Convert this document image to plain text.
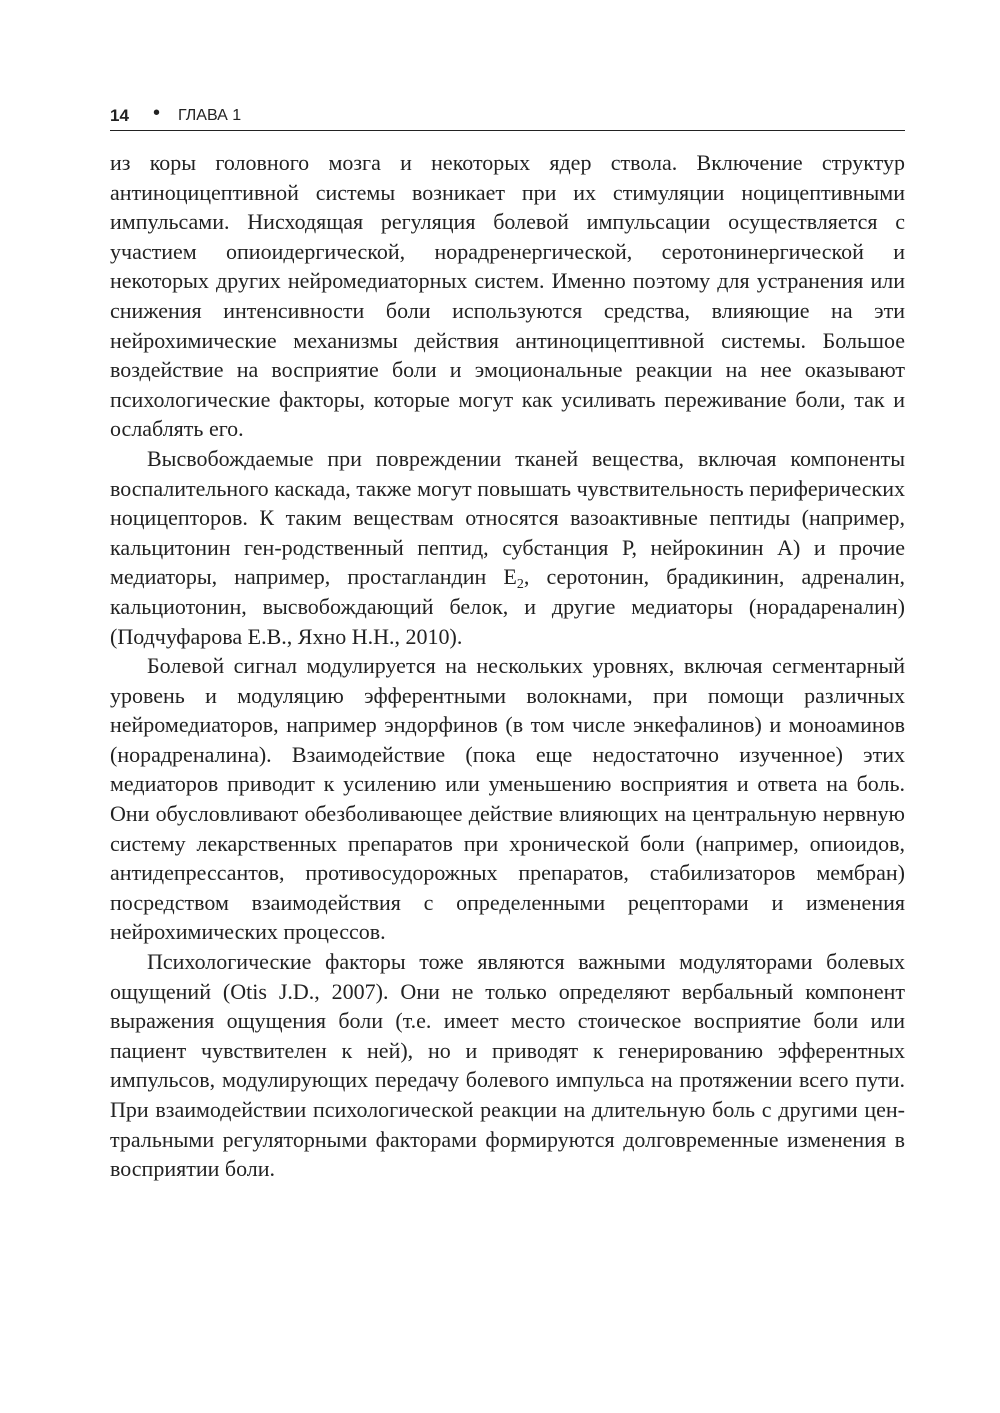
14 • ГЛАВА 1

из коры головного мозга и некоторых ядер ствола. Включение структур антиноцицептивной системы возникает при их стимуляции ноцицептивными импульсами. Нисходящая регуляция болевой импульсации осуществляется с участием опиоидергической, норадренергической, серотонинергической и некоторых других нейромедиаторных систем. Именно поэтому для устранения или снижения интенсивности боли используются средства, влияющие на эти нейрохимические механизмы действия антиноцицептивной системы. Большое воздействие на восприятие боли и эмоциональные реакции на нее оказывают психологические факторы, которые могут как усиливать переживание боли, так и ослаблять его.

Высвобождаемые при повреждении тканей вещества, включая компоненты воспалительного каскада, также могут повышать чувствительность периферических ноцицепторов. К таким веществам относятся вазоактивные пептиды (например, кальцитонин ген-родственный пептид, субстанция Р, нейрокинин А) и прочие медиаторы, например, простагландин $Е_2$, серотонин, брадикинин, адреналин, кальциотонин, высвобождающий белок, и другие медиаторы (норадареналин) (Подчуфарова Е.В., Яхно Н.Н., 2010).

Болевой сигнал модулируется на нескольких уровнях, включая сегментарный уровень и модуляцию эфферентными волокнами, при помощи различных нейромедиаторов, например эндорфинов (в том числе энкефалинов) и моноаминов (норадреналина). Взаимодействие (пока еще недостаточно изученное) этих медиаторов приводит к усилению или уменьшению восприятия и ответа на боль. Они обусловливают обезболивающее действие влияющих на центральную нервную систему лекарственных препаратов при хронической боли (например, опиоидов, антидепрессантов, противосудорожных препаратов, стабилизаторов мембран) посредством взаимодействия с определенными рецепторами и изменения нейрохимических процессов.

Психологические факторы тоже являются важными модуляторами болевых ощущений (Otis J.D., 2007). Они не только определяют вербальный компонент выражения ощущения боли (т.е. имеет место стоическое восприятие боли или пациент чувствителен к ней), но и приводят к генерированию эфферентных импульсов, модулирующих передачу болевого импульса на протяжении всего пути. При взаимодействии психологической реакции на длительную боль с другими центральными регуляторными факторами формируются долговременные изменения в восприятии боли.
